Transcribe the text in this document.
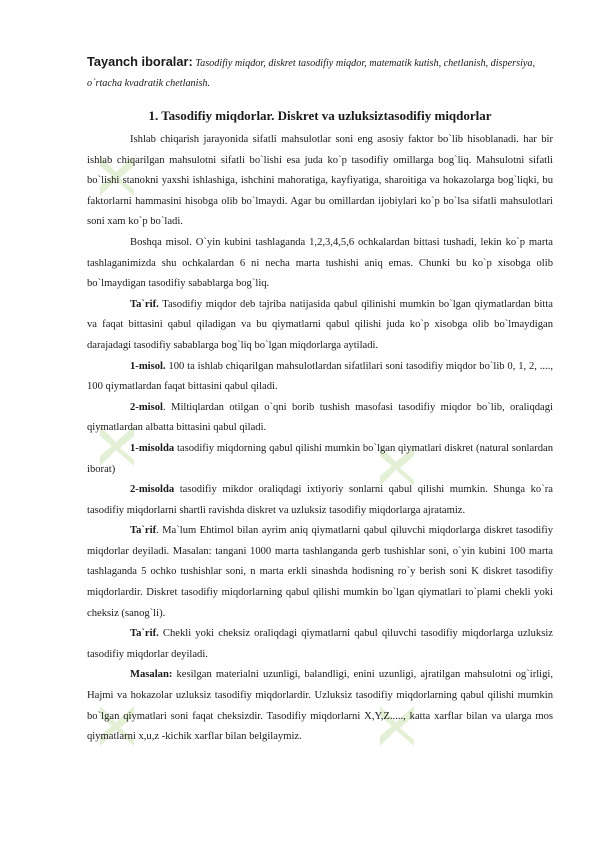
Tayanch iboralar: Tasodifiy miqdor, diskret tasodifiy miqdor, matematik kutish, chetlanish, dispersiya, o`rtacha kvadratik chetlanish.

1. Tasodifiy miqdorlar. Diskret va uzluksiztasodifiy miqdorlar

Ishlab chiqarish jarayonida sifatli mahsulotlar soni eng asosiy faktor bo`lib hisoblanadi. har bir ishlab chiqarilgan mahsulotni sifatli bo`lishi esa juda ko`p tasodifiy omillarga bog`liq. Mahsulotni sifatli bo`lishi stanokni yaxshi ishlashiga, ishchini mahoratiga, kayfiyatiga, sharoitiga va hokazolarga bog`liqki, bu faktorlarni hammasini hisobga olib bo`lmaydi. Agar bu omillardan ijobiylari ko`p bo`lsa sifatli mahsulotlari soni xam ko`p bo`ladi.

Boshqa misol. O`yin kubini tashlaganda 1,2,3,4,5,6 ochkalardan bittasi tushadi, lekin ko`p marta tashlaganimizda shu ochkalardan 6 ni necha marta tushishi aniq emas. Chunki bu ko`p xisobga olib bo`lmaydigan tasodifiy sabablarga bog`liq.

Ta`rif. Tasodifiy miqdor deb tajriba natijasida qabul qilinishi mumkin bo`lgan qiymatlardan bitta va faqat bittasini qabul qiladigan va bu qiymatlarni qabul qilishi juda ko`p xisobga olib bo`lmaydigan darajadagi tasodifiy sabablarga bog`liq bo`lgan miqdorlarga aytiladi.

1-misol. 100 ta ishlab chiqarilgan mahsulotlardan sifatlilari soni tasodifiy miqdor bo`lib 0, 1, 2, ...., 100 qiymatlardan faqat bittasini qabul qiladi.

2-misol. Miltiqlardan otilgan o`qni borib tushish masofasi tasodifiy miqdor bo`lib, oraliqdagi qiymatlardan albatta bittasini qabul qiladi.

1-misolda tasodifiy miqdorning qabul qilishi mumkin bo`lgan qiymatlari diskret (natural sonlardan iborat)

2-misolda tasodifiy mikdor oraliqdagi ixtiyoriy sonlarni qabul qilishi mumkin. Shunga ko`ra tasodifiy miqdorlarni shartli ravishda diskret va uzluksiz tasodifiy miqdorlarga ajratamiz.

Ta`rif. Ma`lum Ehtimol bilan ayrim aniq qiymatlarni qabul qiluvchi miqdorlarga diskret tasodifiy miqdorlar deyiladi. Masalan: tangani 1000 marta tashlanganda gerb tushishlar soni, o`yin kubini 100 marta tashlaganda 5 ochko tushishlar soni, n marta erkli sinashda hodisning ro`y berish soni K diskret tasodifiy miqdorlardir. Diskret tasodifiy miqdorlarning qabul qilishi mumkin bo`lgan qiymatlari to`plami chekli yoki cheksiz (sanog`li).

Ta`rif. Chekli yoki cheksiz oraliqdagi qiymatlarni qabul qiluvchi tasodifiy miqdorlarga uzluksiz tasodifiy miqdorlar deyiladi.

Masalan: kesilgan materialni uzunligi, balandligi, enini uzunligi, ajratilgan mahsulotni og`irligi, Hajmi va hokazolar uzluksiz tasodifiy miqdorlardir. Uzluksiz tasodifiy miqdorlarning qabul qilishi mumkin bo`lgan qiymatlari soni faqat cheksizdir. Tasodifiy miqdorlarni X,Y,Z....., katta xarflar bilan va ularga mos qiymatlarni x,u,z -kichik xarflar bilan belgilaymiz.
